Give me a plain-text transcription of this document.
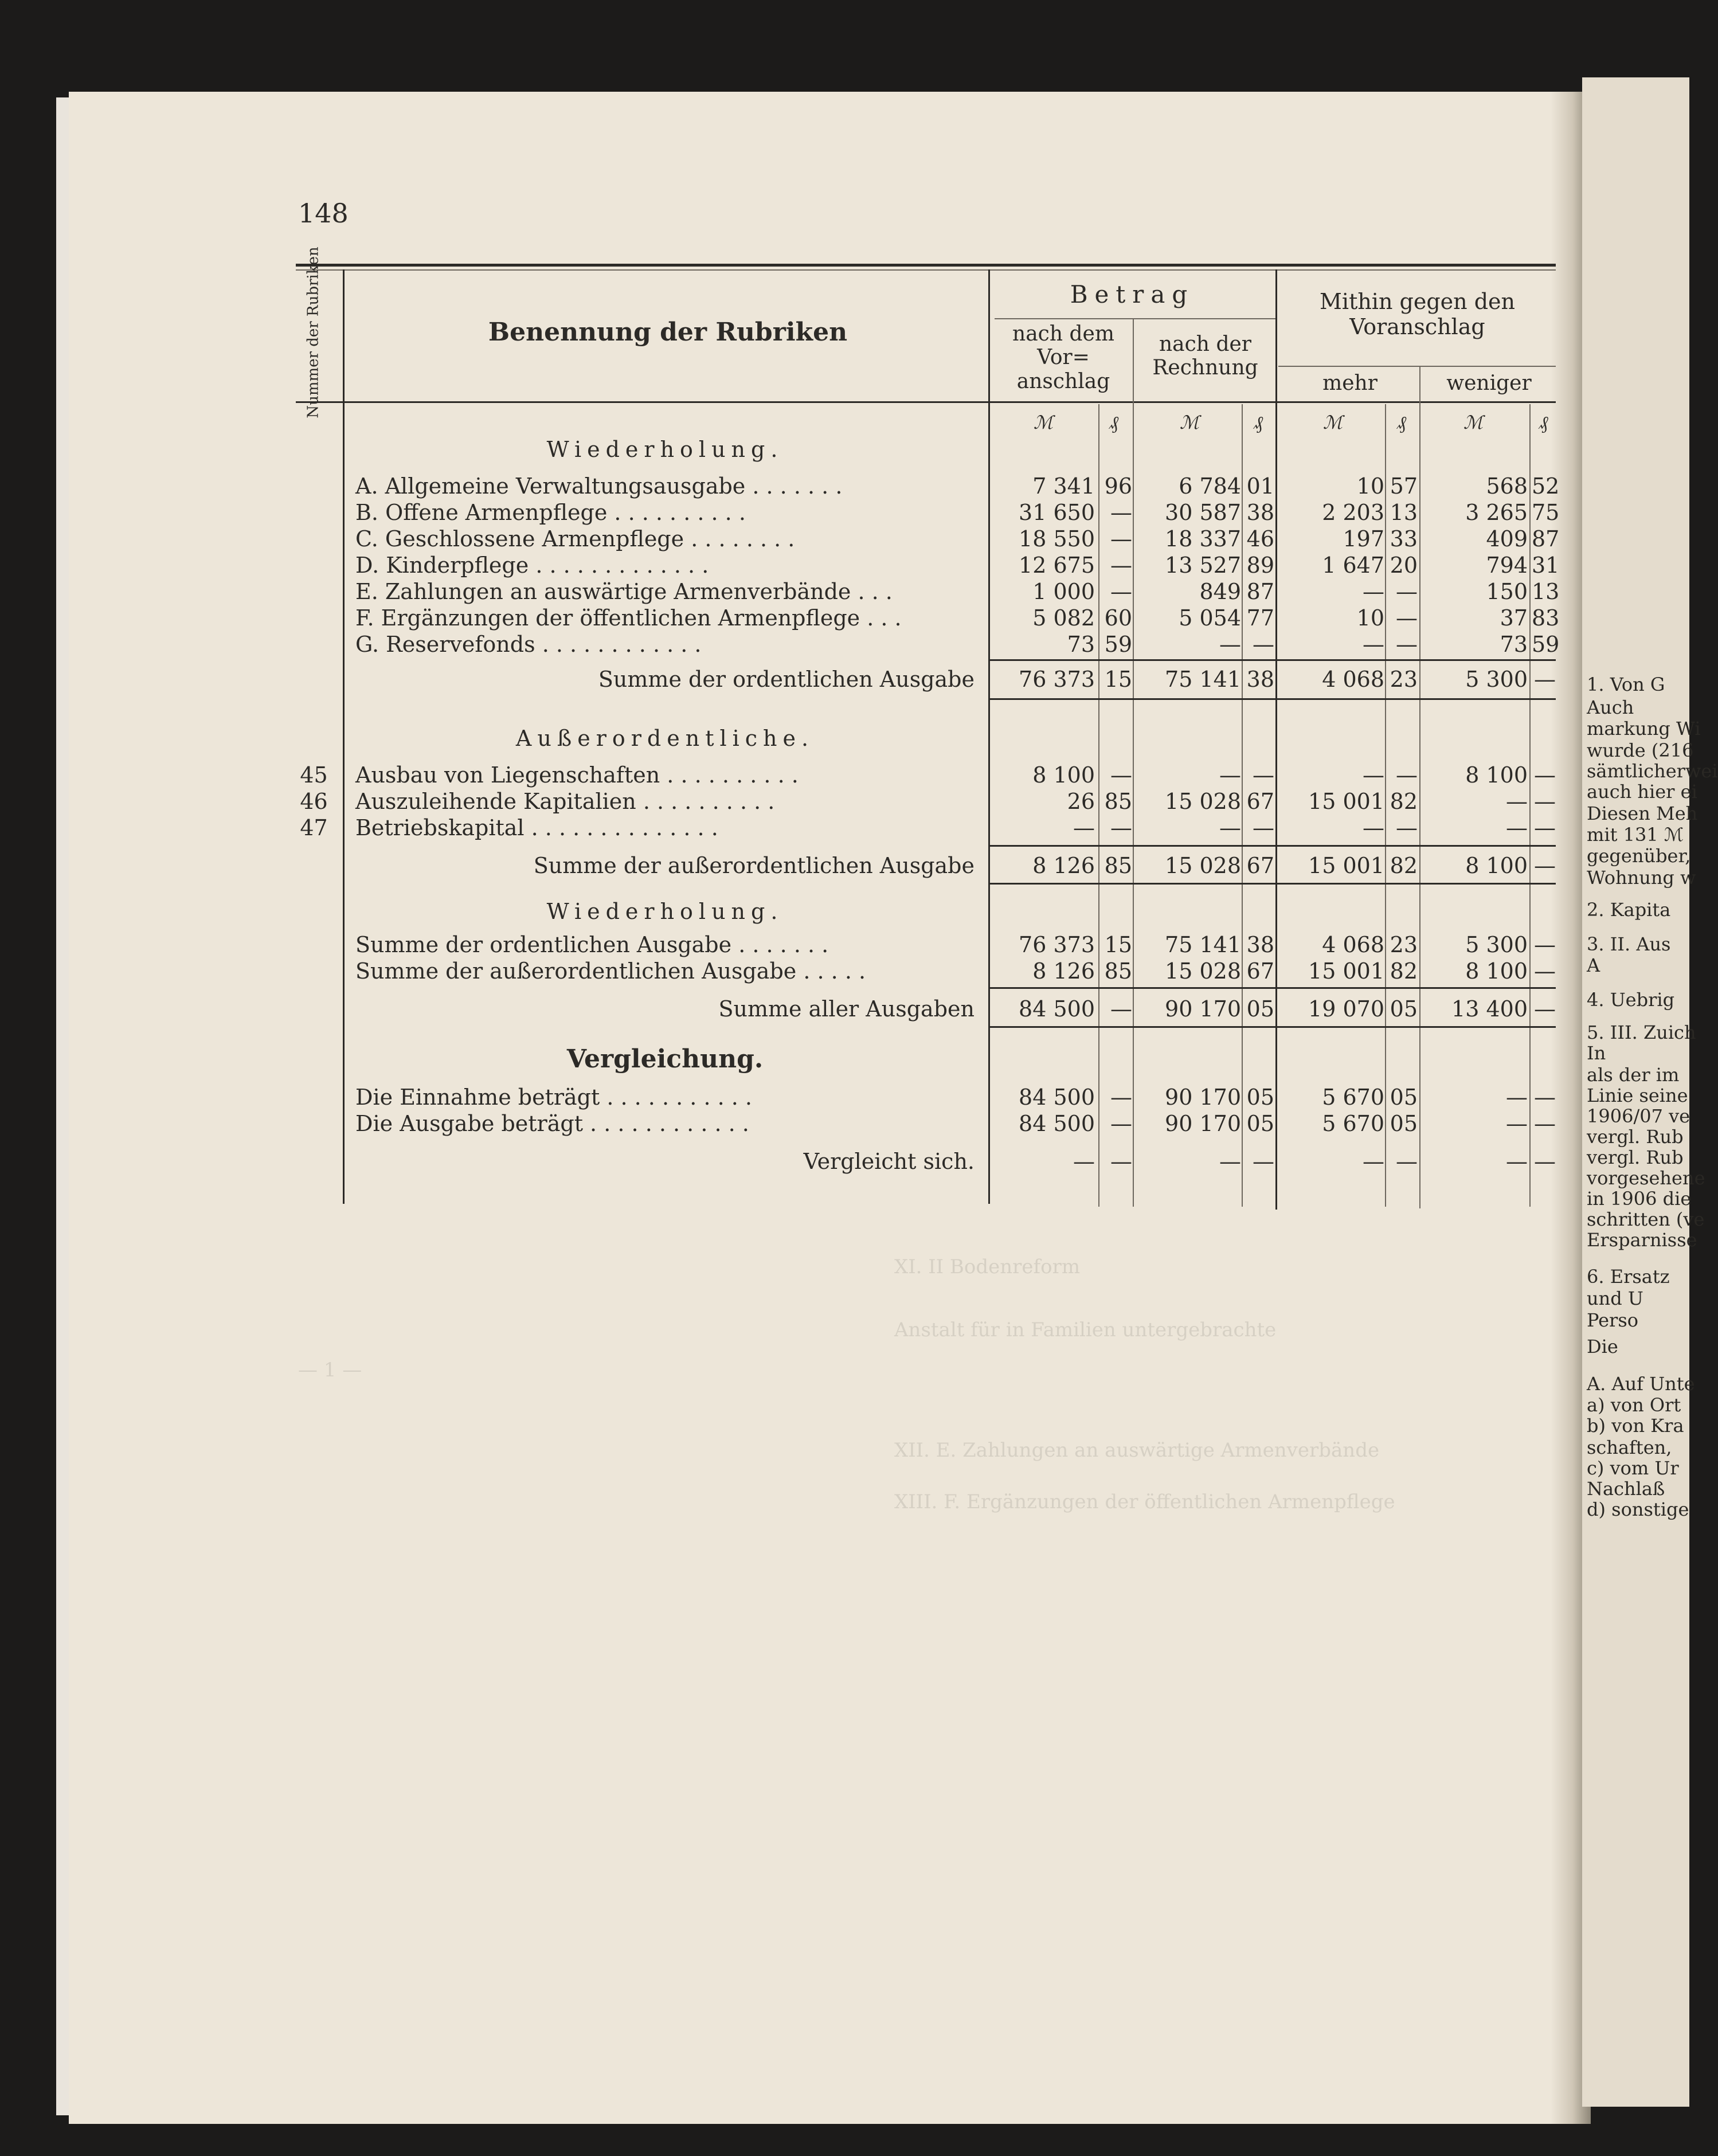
1. Von G
Auch
markung Wi
wurde (216
sämtlicherwei
auch hier ei
Diesen Meh
mit 131 ℳ
gegenüber,
Wohnung w
2. Kapita
3. II. Aus
A
4. Uebrig
5. III. Zuich
In
als der im
Linie seine
1906/07 ve
vergl. Rub
vergl. Rub
vorgesehene
in 1906 die
schritten (ve
Ersparnisse
6. Ersatz
und U
Perso
Die
A. Auf Unte
a) von Ort
b) von Kra
schaften,
c) vom Ur
Nachlaß
d) sonstige
148
XI. II Bodenreform
Anstalt für in Familien untergebrachte
XII. E. Zahlungen an auswärtige Armenverbände
XIII. F. Ergänzungen der öffentlichen Armenpflege
— 1 —
Nummer der Rubriken	Benennung der Rubriken
Betrag
nach dem Vor= anschlag
nach der Rechnung
Mithin gegen den Voranschlag
mehr	weniger
ℳ	₰	ℳ	₰	ℳ	₰	ℳ	₰
Wiederholung.
Außerordentliche.
Wiederholung.
Vergleichung.
A. Allgemeine Verwaltungsausgabe . . . . . . .	7 341 96	6 784 01	10 57	568 52
B. Offene Armenpflege . . . . . . . . . .	31 650 —	30 587 38	2 203 13	3 265 75
C. Geschlossene Armenpflege . . . . . . . .	18 550 —	18 337 46	197 33	409 87
D. Kinderpflege . . . . . . . . . . . . .	12 675 —	13 527 89	1 647 20	794 31
E. Zahlungen an auswärtige Armenverbände . . .	1 000 —	849 87	— —	150 13
F. Ergänzungen der öffentlichen Armenpflege . . .	5 082 60	5 054 77	10 —	37 83
G. Reservefonds . . . . . . . . . . . .	73 59	— —	— —	73 59
Summe der ordentlichen Ausgabe	76 373 15	75 141 38	4 068 23	5 300 —
45 Ausbau von Liegenschaften . . . . . . . . . .	8 100 —	— —	— —	8 100 —
46 Auszuleihende Kapitalien . . . . . . . . . .	26 85	15 028 67	15 001 82	— —
47 Betriebskapital . . . . . . . . . . . . . .	— —	— —	— —	— —
Summe der außerordentlichen Ausgabe	8 126 85	15 028 67	15 001 82	8 100 —
Summe der ordentlichen Ausgabe . . . . . . .	76 373 15	75 141 38	4 068 23	5 300 —
Summe der außerordentlichen Ausgabe . . . . .	8 126 85	15 028 67	15 001 82	8 100 —
Summe aller Ausgaben	84 500 —	90 170 05	19 070 05	13 400 —
Die Einnahme beträgt . . . . . . . . . . .	84 500 —	90 170 05	5 670 05	— —
Die Ausgabe beträgt . . . . . . . . . . . .	84 500 —	90 170 05	5 670 05	— —
Vergleicht sich.	— —	— —	— —	— —
